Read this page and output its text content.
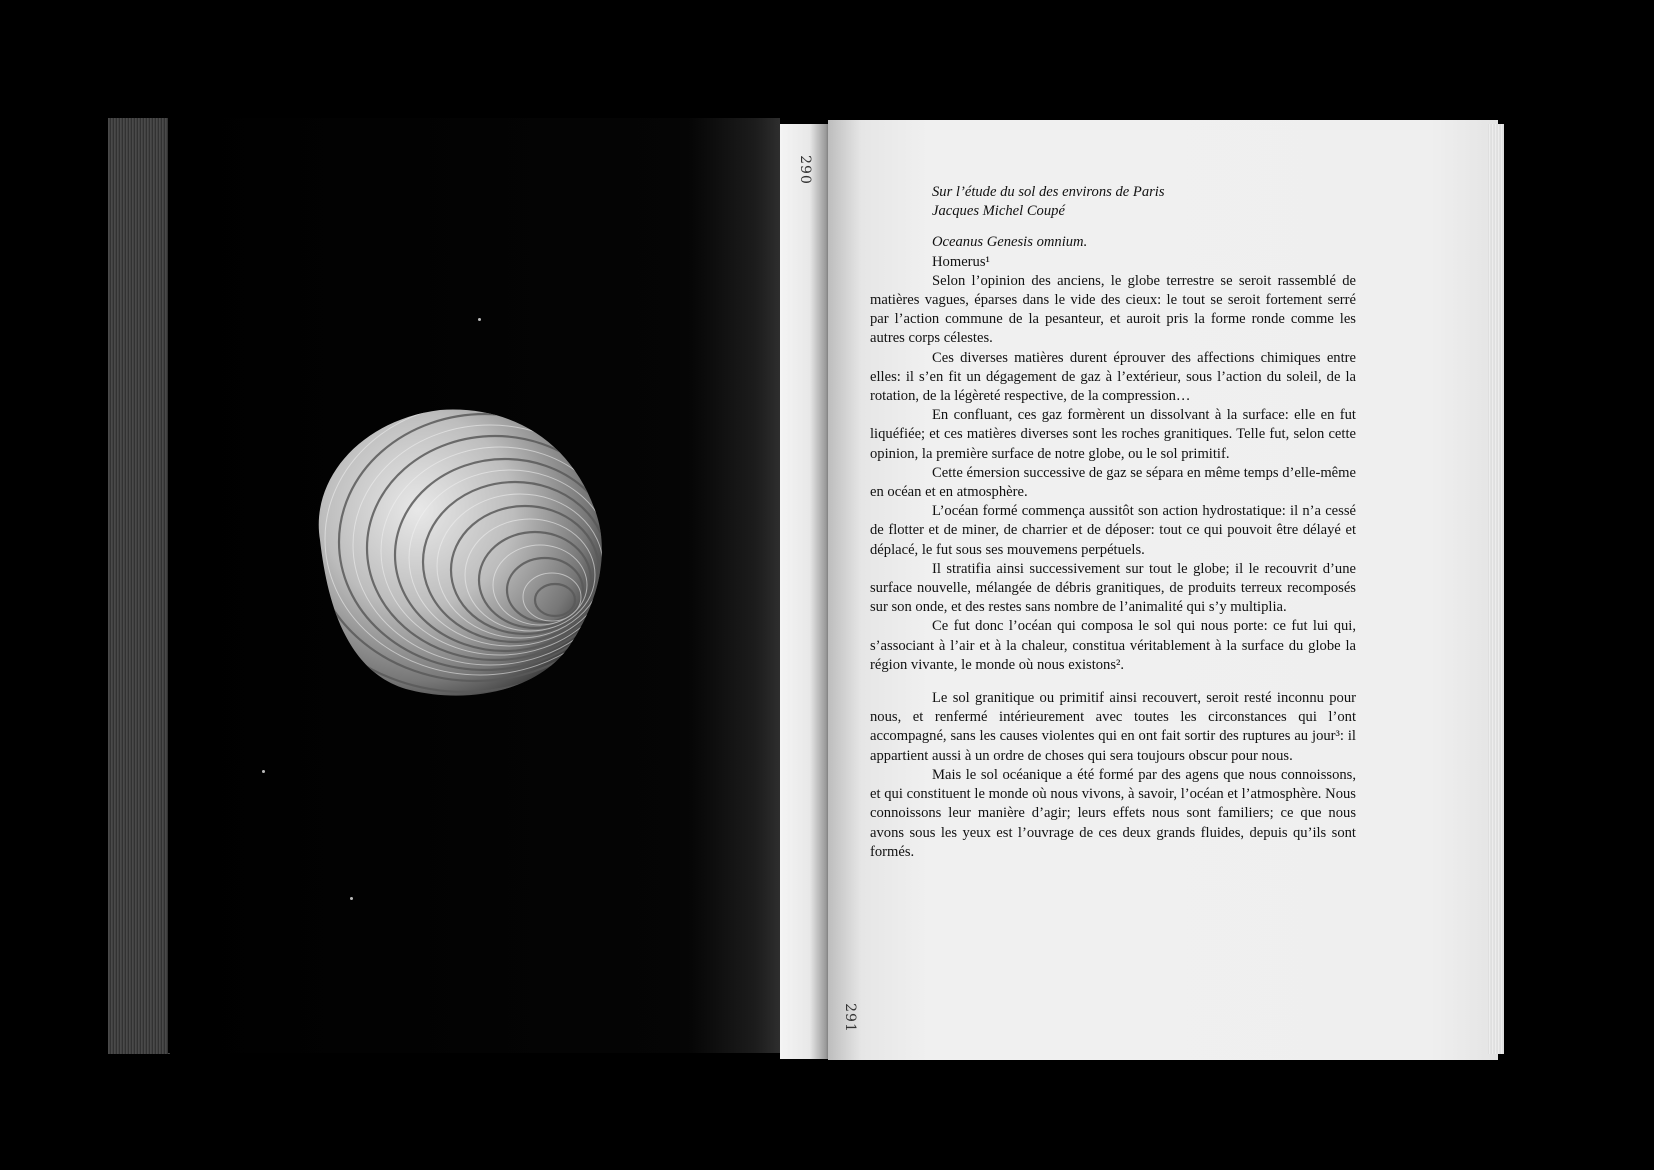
290
291
Sur l’étude du sol des environs de Paris
Jacques Michel Coupé
Oceanus Genesis omnium.
Homerus¹

Selon l’opinion des anciens, le globe terrestre se seroit rassemblé de matières vagues, éparses dans le vide des cieux: le tout se seroit fortement serré par l’action commune de la pesanteur, et auroit pris la forme ronde comme les autres corps célestes.

Ces diverses matières durent éprouver des affections chimiques entre elles: il s’en fit un dégagement de gaz à l’extérieur, sous l’action du soleil, de la rotation, de la légèreté respective, de la compression…

En confluant, ces gaz formèrent un dissolvant à la surface: elle en fut liquéfiée; et ces matières diverses sont les roches granitiques. Telle fut, selon cette opinion, la première surface de notre globe, ou le sol primitif.

Cette émersion successive de gaz se sépara en même temps d’elle-même en océan et en atmosphère.

L’océan formé commença aussitôt son action hydrostatique: il n’a cessé de flotter et de miner, de charrier et de déposer: tout ce qui pouvoit être délayé et déplacé, le fut sous ses mouvemens perpétuels.

Il stratifia ainsi successivement sur tout le globe; il le recouvrit d’une surface nouvelle, mélangée de débris granitiques, de produits terreux recomposés sur son onde, et des restes sans nombre de l’animalité qui s’y multiplia.

Ce fut donc l’océan qui composa le sol qui nous porte: ce fut lui qui, s’associant à l’air et à la chaleur, constitua véritablement à la surface du globe la région vivante, le monde où nous existons².

Le sol granitique ou primitif ainsi recouvert, seroit resté inconnu pour nous, et renfermé intérieurement avec toutes les circonstances qui l’ont accompagné, sans les causes violentes qui en ont fait sortir des ruptures au jour³: il appartient aussi à un ordre de choses qui sera toujours obscur pour nous.

Mais le sol océanique a été formé par des agens que nous connoissons, et qui constituent le monde où nous vivons, à savoir, l’océan et l’atmosphère. Nous connoissons leur manière d’agir; leurs effets nous sont familiers; ce que nous avons sous les yeux est l’ouvrage de ces deux grands fluides, depuis qu’ils sont formés.
